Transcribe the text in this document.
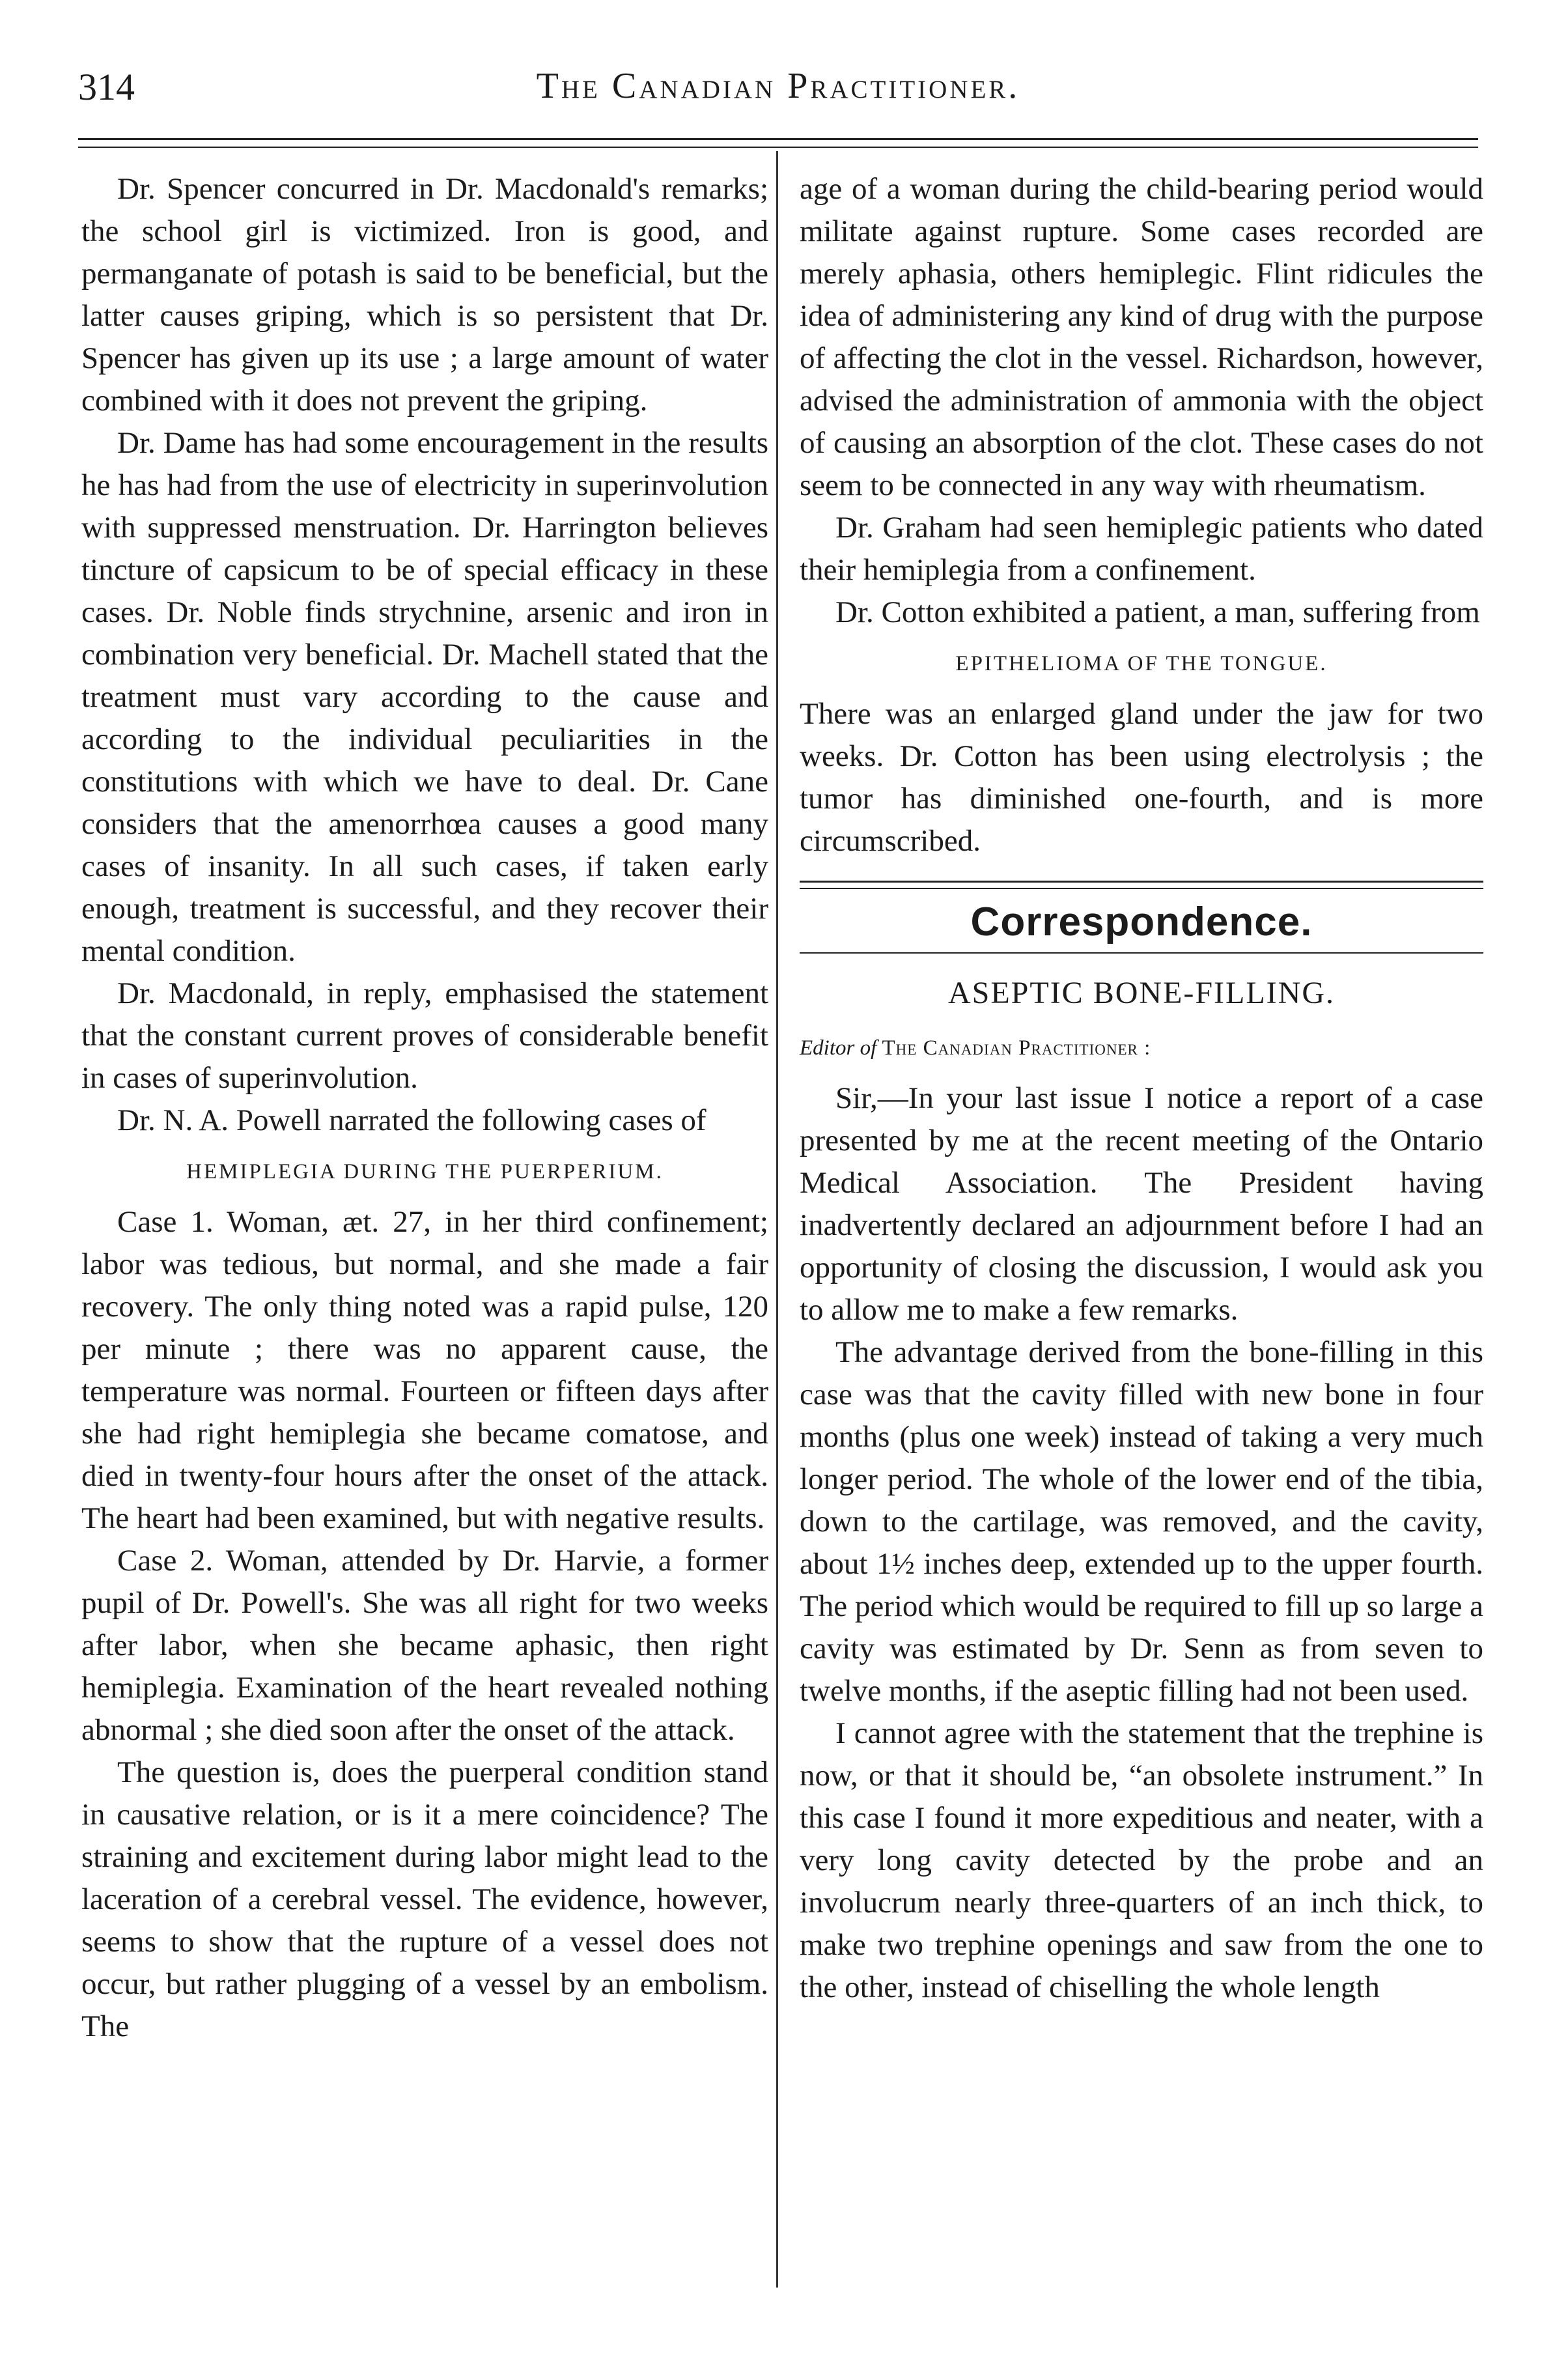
314	The Canadian Practitioner.

Dr. Spencer concurred in Dr. Macdonald's remarks; the school girl is victimized. Iron is good, and permanganate of potash is said to be beneficial, but the latter causes griping, which is so persistent that Dr. Spencer has given up its use ; a large amount of water combined with it does not prevent the griping.

Dr. Dame has had some encouragement in the results he has had from the use of electricity in superinvolution with suppressed menstruation. Dr. Harrington believes tincture of capsicum to be of special efficacy in these cases. Dr. Noble finds strychnine, arsenic and iron in combination very beneficial. Dr. Machell stated that the treatment must vary according to the cause and according to the individual peculiarities in the constitutions with which we have to deal. Dr. Cane considers that the amenorrhœa causes a good many cases of insanity. In all such cases, if taken early enough, treatment is successful, and they recover their mental condition.

Dr. Macdonald, in reply, emphasised the statement that the constant current proves of considerable benefit in cases of superinvolution.

Dr. N. A. Powell narrated the following cases of

HEMIPLEGIA DURING THE PUERPERIUM.

Case 1. Woman, æt. 27, in her third confinement; labor was tedious, but normal, and she made a fair recovery. The only thing noted was a rapid pulse, 120 per minute ; there was no apparent cause, the temperature was normal. Fourteen or fifteen days after she had right hemiplegia she became comatose, and died in twenty-four hours after the onset of the attack. The heart had been examined, but with negative results.

Case 2. Woman, attended by Dr. Harvie, a former pupil of Dr. Powell's. She was all right for two weeks after labor, when she became aphasic, then right hemiplegia. Examination of the heart revealed nothing abnormal ; she died soon after the onset of the attack.

The question is, does the puerperal condition stand in causative relation, or is it a mere coincidence? The straining and excitement during labor might lead to the laceration of a cerebral vessel. The evidence, however, seems to show that the rupture of a vessel does not occur, but rather plugging of a vessel by an embolism. The

age of a woman during the child-bearing period would militate against rupture. Some cases recorded are merely aphasia, others hemiplegic. Flint ridicules the idea of administering any kind of drug with the purpose of affecting the clot in the vessel. Richardson, however, advised the administration of ammonia with the object of causing an absorption of the clot. These cases do not seem to be connected in any way with rheumatism.

Dr. Graham had seen hemiplegic patients who dated their hemiplegia from a confinement.

Dr. Cotton exhibited a patient, a man, suffering from

EPITHELIOMA OF THE TONGUE.

There was an enlarged gland under the jaw for two weeks. Dr. Cotton has been using electrolysis ; the tumor has diminished one-fourth, and is more circumscribed.

Correspondence.
ASEPTIC BONE-FILLING.

Editor of The Canadian Practitioner :

Sir,—In your last issue I notice a report of a case presented by me at the recent meeting of the Ontario Medical Association. The President having inadvertently declared an adjournment before I had an opportunity of closing the discussion, I would ask you to allow me to make a few remarks.

The advantage derived from the bone-filling in this case was that the cavity filled with new bone in four months (plus one week) instead of taking a very much longer period. The whole of the lower end of the tibia, down to the cartilage, was removed, and the cavity, about 1½ inches deep, extended up to the upper fourth. The period which would be required to fill up so large a cavity was estimated by Dr. Senn as from seven to twelve months, if the aseptic filling had not been used.

I cannot agree with the statement that the trephine is now, or that it should be, “an obsolete instrument.” In this case I found it more expeditious and neater, with a very long cavity detected by the probe and an involucrum nearly three-quarters of an inch thick, to make two trephine openings and saw from the one to the other, instead of chiselling the whole length
